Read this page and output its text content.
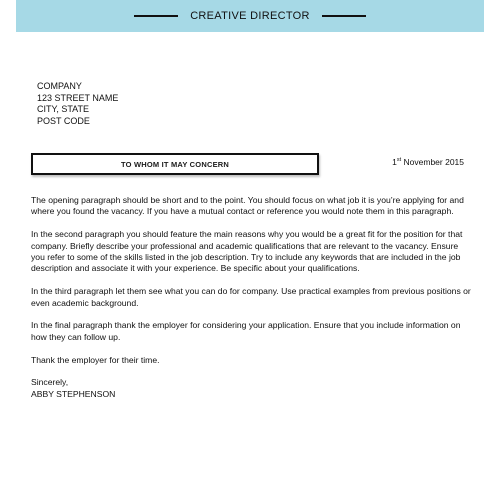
CREATIVE DIRECTOR
COMPANY
123 STREET NAME
CITY, STATE
POST CODE
TO WHOM IT MAY CONCERN	1st November 2015

The opening paragraph should be short and to the point. You should focus on what job it is you’re applying for and where you found the vacancy. If you have a mutual contact or reference you would note them in this paragraph.

In the second paragraph you should feature the main reasons why you would be a great fit for the position for that company. Briefly describe your professional and academic qualifications that are relevant to the vacancy. Ensure you refer to some of the skills listed in the job description. Try to include any keywords that are included in the job description and associate it with your experience. Be specific about your qualifications.

In the third paragraph let them see what you can do for company. Use practical examples from previous positions or even academic background.

In the final paragraph thank the employer for considering your application. Ensure that you include information on how they can follow up.

Thank the employer for their time.

Sincerely,
ABBY STEPHENSON
